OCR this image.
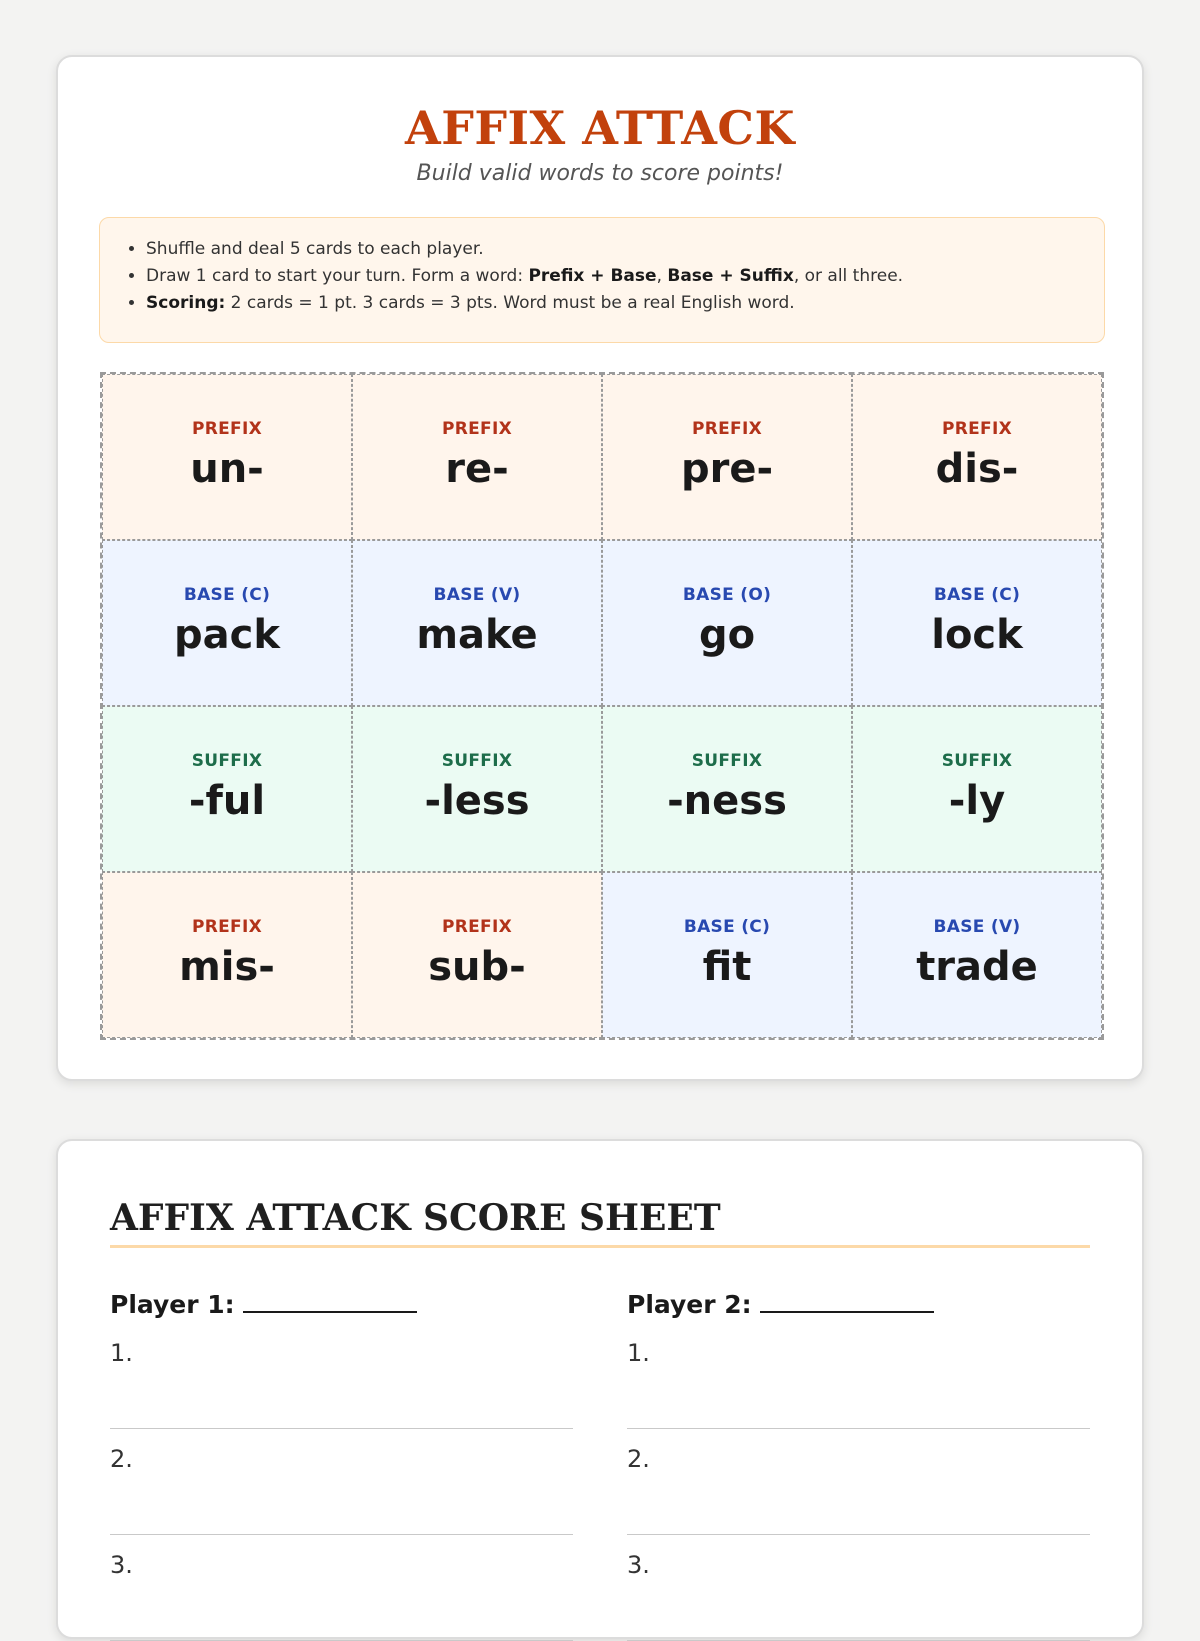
AFFIX ATTACK

Build valid words to score points!

• Shuffle and deal 5 cards to each player.
• Draw 1 card to start your turn. Form a word: Prefix + Base, Base + Suffix, or all three.
• Scoring: 2 cards = 1 pt. 3 cards = 3 pts. Word must be a real English word.
PREFIX
un-
PREFIX
re-
PREFIX
pre-
PREFIX
dis-
BASE (C)
pack
BASE (V)
make
BASE (O)
go
BASE (C)
lock
SUFFIX
-ful
SUFFIX
-less
SUFFIX
-ness
SUFFIX
-ly
PREFIX
mis-
PREFIX
sub-
BASE (C)
fit
BASE (V)
trade
AFFIX ATTACK SCORE SHEET
Player 1:
1.
2.
3.
Player 2:
1.
2.
3.
